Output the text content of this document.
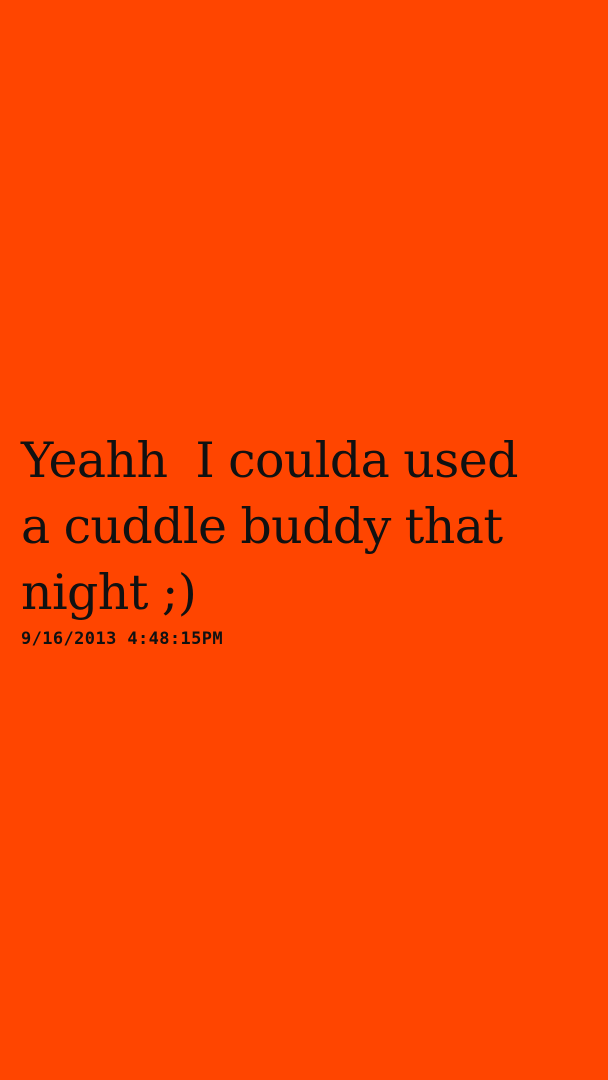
Yeahh  I coulda used
a cuddle buddy that
night ;)

9/16/2013 4:48:15PM
